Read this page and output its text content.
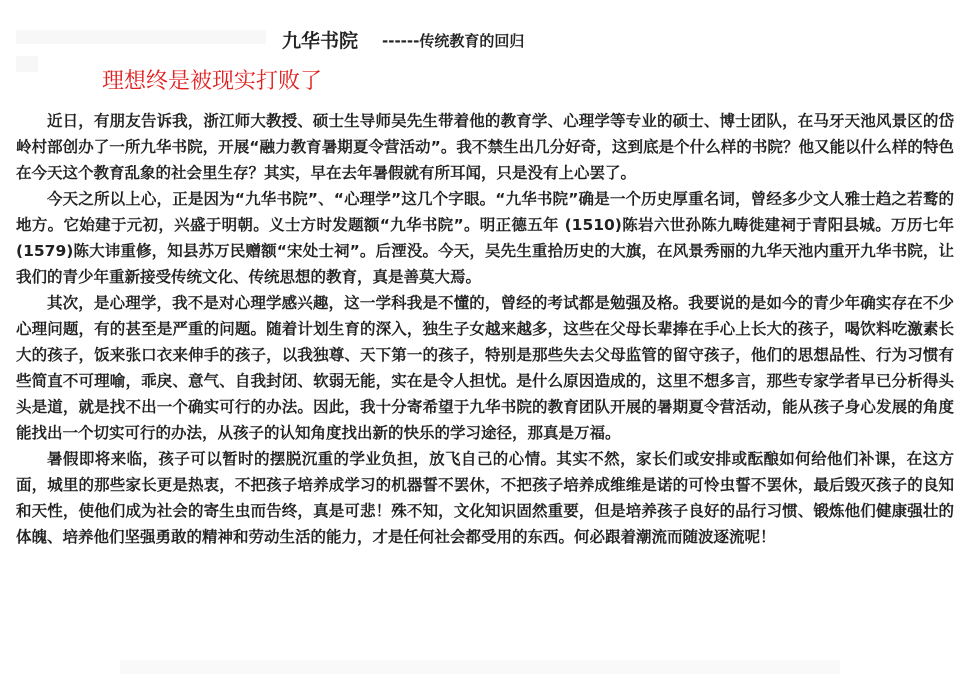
九华书院 ------传统教育的回归
理想终是被现实打败了

近日，有朋友告诉我，浙江师大教授、硕士生导师吴先生带着他的教育学、心理学等专业的硕士、博士团队，在马牙天池风景区的岱岭村部创办了一所九华书院，开展“融力教育暑期夏令营活动”。我不禁生出几分好奇，这到底是个什么样的书院？他又能以什么样的特色在今天这个教育乱象的社会里生存？其实，早在去年暑假就有所耳闻，只是没有上心罢了。

今天之所以上心，正是因为“九华书院”、“心理学”这几个字眼。“九华书院”确是一个历史厚重名词，曾经多少文人雅士趋之若鹜的地方。它始建于元初，兴盛于明朝。义士方时发题额“九华书院”。明正德五年 (1510)陈岩六世孙陈九畴徙建祠于青阳县城。万历七年(1579)陈大讳重修，知县苏万民赠额“宋处士祠”。后湮没。今天，吴先生重拾历史的大旗，在风景秀丽的九华天池内重开九华书院，让我们的青少年重新接受传统文化、传统思想的教育，真是善莫大焉。

其次，是心理学，我不是对心理学感兴趣，这一学科我是不懂的，曾经的考试都是勉强及格。我要说的是如今的青少年确实存在不少心理问题，有的甚至是严重的问题。随着计划生育的深入，独生子女越来越多，这些在父母长辈捧在手心上长大的孩子，喝饮料吃激素长大的孩子，饭来张口衣来伸手的孩子，以我独尊、天下第一的孩子，特别是那些失去父母监管的留守孩子，他们的思想品性、行为习惯有些简直不可理喻，乖戾、意气、自我封闭、软弱无能，实在是令人担忧。是什么原因造成的，这里不想多言，那些专家学者早已分析得头头是道，就是找不出一个确实可行的办法。因此，我十分寄希望于九华书院的教育团队开展的暑期夏令营活动，能从孩子身心发展的角度能找出一个切实可行的办法，从孩子的认知角度找出新的快乐的学习途径，那真是万福。

暑假即将来临，孩子可以暂时的摆脱沉重的学业负担，放飞自己的心情。其实不然，家长们或安排或酝酿如何给他们补课，在这方面，城里的那些家长更是热衷，不把孩子培养成学习的机器誓不罢休，不把孩子培养成维维是诺的可怜虫誓不罢休，最后毁灭孩子的良知和天性，使他们成为社会的寄生虫而告终，真是可悲！殊不知，文化知识固然重要，但是培养孩子良好的品行习惯、锻炼他们健康强壮的体魄、培养他们坚强勇敢的精神和劳动生活的能力，才是任何社会都受用的东西。何必跟着潮流而随波逐流呢！
